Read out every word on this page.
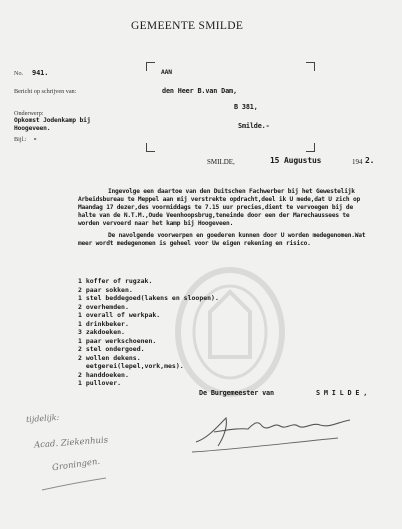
GEMEENTE SMILDE
No. 941.
Bericht op schrijven van:
Onderwerp:
Opkomst Jodenkamp bij
Hoogeveen.
Bijl.: -
AAN
den Heer B.van Dam,
B 381,
Smilde.-
SMILDE,	15 Augustus	194 2.

Ingevolge een daartoe van den Duitschen Fachwerber bij het Gewestelijk Arbeidsbureau te Meppel aan mij verstrekte opdracht,deel ik U mede,dat U zich op Maandag 17 dezer,des voormiddags te 7.15 uur precies,dient te vervoegen bij de halte van de N.T.M.,Oude Veenhoopsbrug,teneinde door een der Marechaussees te worden vervoerd naar het kamp bij Hoogeveen.

De navolgende voorwerpen en goederen kunnen door U worden medegenomen.Wat meer wordt medegenomen is geheel voor Uw eigen rekening en risico.

1 koffer of rugzak.
2 paar sokken.
1 stel beddegoed(lakens en sloopen).
2 overhemden.
1 overall of werkpak.
1 drinkbeker.
3 zakdoeken.
1 paar werkschoenen.
2 stel ondergoed.
2 wollen dekens.
eetgerei(lepel,vork,mes).
2 handdoeken.
1 pullover.
De Burgemeester van	S M I L D E ,
tijdelijk:
Acad. Ziekenhuis
Groningen.
